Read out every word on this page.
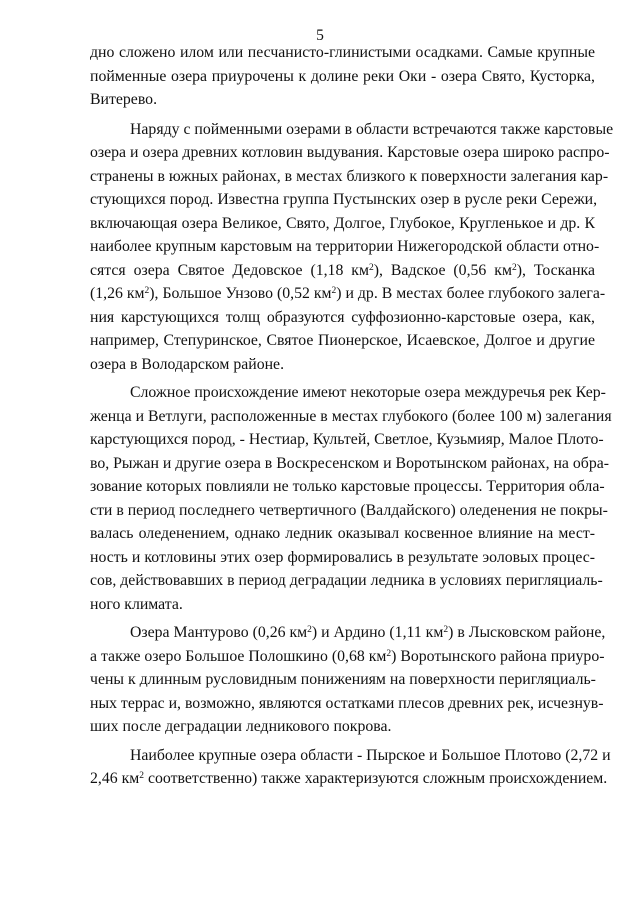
5
дно сложено илом или песчанисто-глинистыми осадками. Самые крупные
пойменные озера приурочены к долине реки Оки - озера Свято, Кусторка,
Витерево.
Наряду с пойменными озерами в области встречаются также карстовые
озера и озера древних котловин выдувания. Карстовые озера широко распро-
странены в южных районах, в местах близкого к поверхности залегания кар-
стующихся пород. Известна группа Пустынских озер в русле реки Сережи,
включающая озера Великое, Свято, Долгое, Глубокое, Кругленькое и др. К
наиболее крупным карстовым на территории Нижегородской области отно-
сятся озера Святое Дедовское (1,18 $км^2$), Вадское (0,56 $км^2$), Тосканка
(1,26 $км^2$), Большое Унзово (0,52 $км^2$) и др. В местах более глубокого залега-
ния карстующихся толщ образуются суффозионно-карстовые озера, как,
например, Степуринское, Святое Пионерское, Исаевское, Долгое и другие
озера в Володарском районе.
Сложное происхождение имеют некоторые озера междуречья рек Кер-
женца и Ветлуги, расположенные в местах глубокого (более 100 м) залегания
карстующихся пород, - Нестиар, Культей, Светлое, Кузьмияр, Малое Плото-
во, Рыжан и другие озера в Воскресенском и Воротынском районах, на обра-
зование которых повлияли не только карстовые процессы. Территория обла-
сти в период последнего четвертичного (Валдайского) оледенения не покры-
валась оледенением, однако ледник оказывал косвенное влияние на мест-
ность и котловины этих озер формировались в результате эоловых процес-
сов, действовавших в период деградации ледника в условиях перигляциаль-
ного климата.
Озера Мантурово (0,26 $км^2$) и Ардино (1,11 $км^2$) в Лысковском районе,
а также озеро Большое Полошкино (0,68 $км^2$) Воротынского района приуро-
чены к длинным русловидным понижениям на поверхности перигляциаль-
ных террас и, возможно, являются остатками плесов древних рек, исчезнув-
ших после деградации ледникового покрова.
Наиболее крупные озера области - Пырское и Большое Плотово (2,72 и
2,46 $км^2$ соответственно) также характеризуются сложным происхождением.
